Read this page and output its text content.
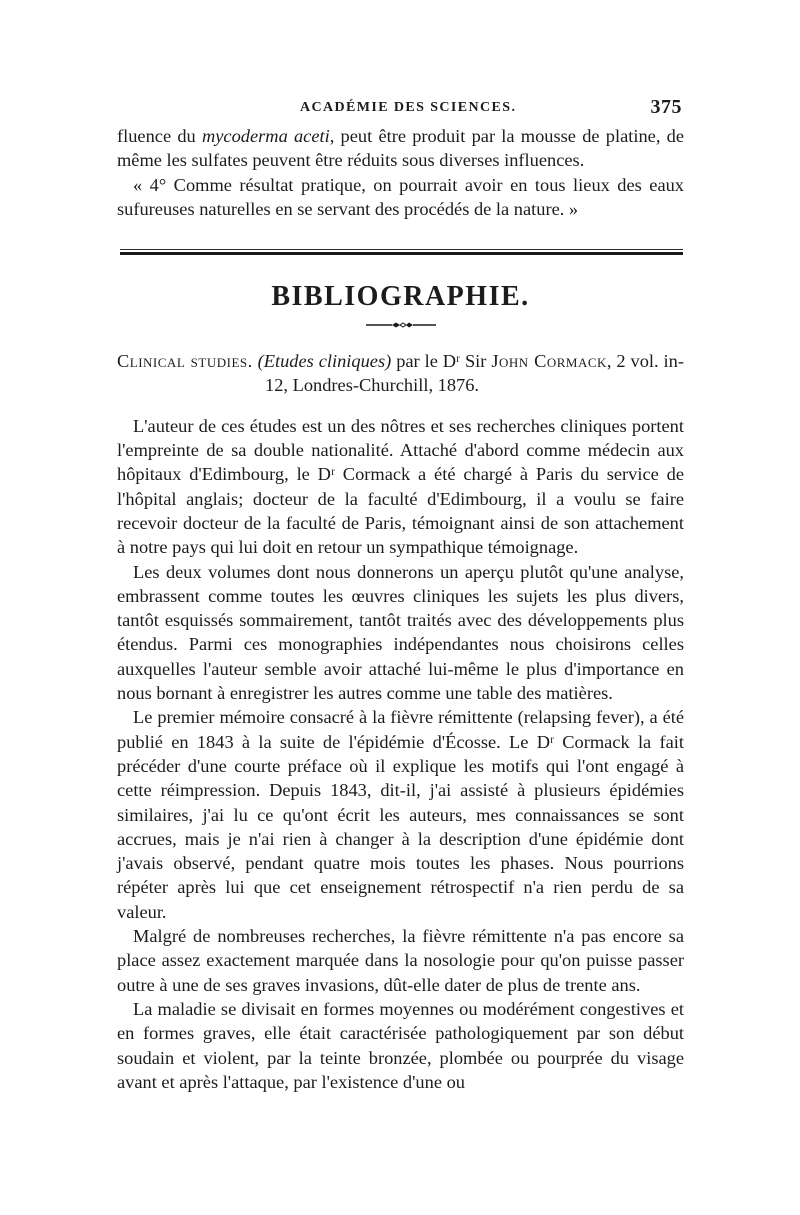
ACADÉMIE DES SCIENCES.	375

fluence du mycoderma aceti, peut être produit par la mousse de platine, de même les sulfates peuvent être réduits sous diverses influences.

« 4° Comme résultat pratique, on pourrait avoir en tous lieux des eaux sufureuses naturelles en se servant des procédés de la nature. »

BIBLIOGRAPHIE.

Clinical studies. (Etudes cliniques) par le Dʳ Sir John Cormack, 2 vol. in-12, Londres-Churchill, 1876.

L'auteur de ces études est un des nôtres et ses recherches cliniques portent l'empreinte de sa double nationalité. Attaché d'abord comme médecin aux hôpitaux d'Edimbourg, le Dʳ Cormack a été chargé à Paris du service de l'hôpital anglais; docteur de la faculté d'Edimbourg, il a voulu se faire recevoir docteur de la faculté de Paris, témoignant ainsi de son attachement à notre pays qui lui doit en retour un sympathique témoignage.

Les deux volumes dont nous donnerons un aperçu plutôt qu'une analyse, embrassent comme toutes les œuvres cliniques les sujets les plus divers, tantôt esquissés sommairement, tantôt traités avec des développements plus étendus. Parmi ces monographies indépendantes nous choisirons celles auxquelles l'auteur semble avoir attaché lui-même le plus d'importance en nous bornant à enregistrer les autres comme une table des matières.

Le premier mémoire consacré à la fièvre rémittente (relapsing fever), a été publié en 1843 à la suite de l'épidémie d'Écosse. Le Dʳ Cormack la fait précéder d'une courte préface où il explique les motifs qui l'ont engagé à cette réimpression. Depuis 1843, dit-il, j'ai assisté à plusieurs épidémies similaires, j'ai lu ce qu'ont écrit les auteurs, mes connaissances se sont accrues, mais je n'ai rien à changer à la description d'une épidémie dont j'avais observé, pendant quatre mois toutes les phases. Nous pourrions répéter après lui que cet enseignement rétrospectif n'a rien perdu de sa valeur.

Malgré de nombreuses recherches, la fièvre rémittente n'a pas encore sa place assez exactement marquée dans la nosologie pour qu'on puisse passer outre à une de ses graves invasions, dût-elle dater de plus de trente ans.

La maladie se divisait en formes moyennes ou modérément congestives et en formes graves, elle était caractérisée pathologiquement par son début soudain et violent, par la teinte bronzée, plombée ou pourprée du visage avant et après l'attaque, par l'existence d'une ou
